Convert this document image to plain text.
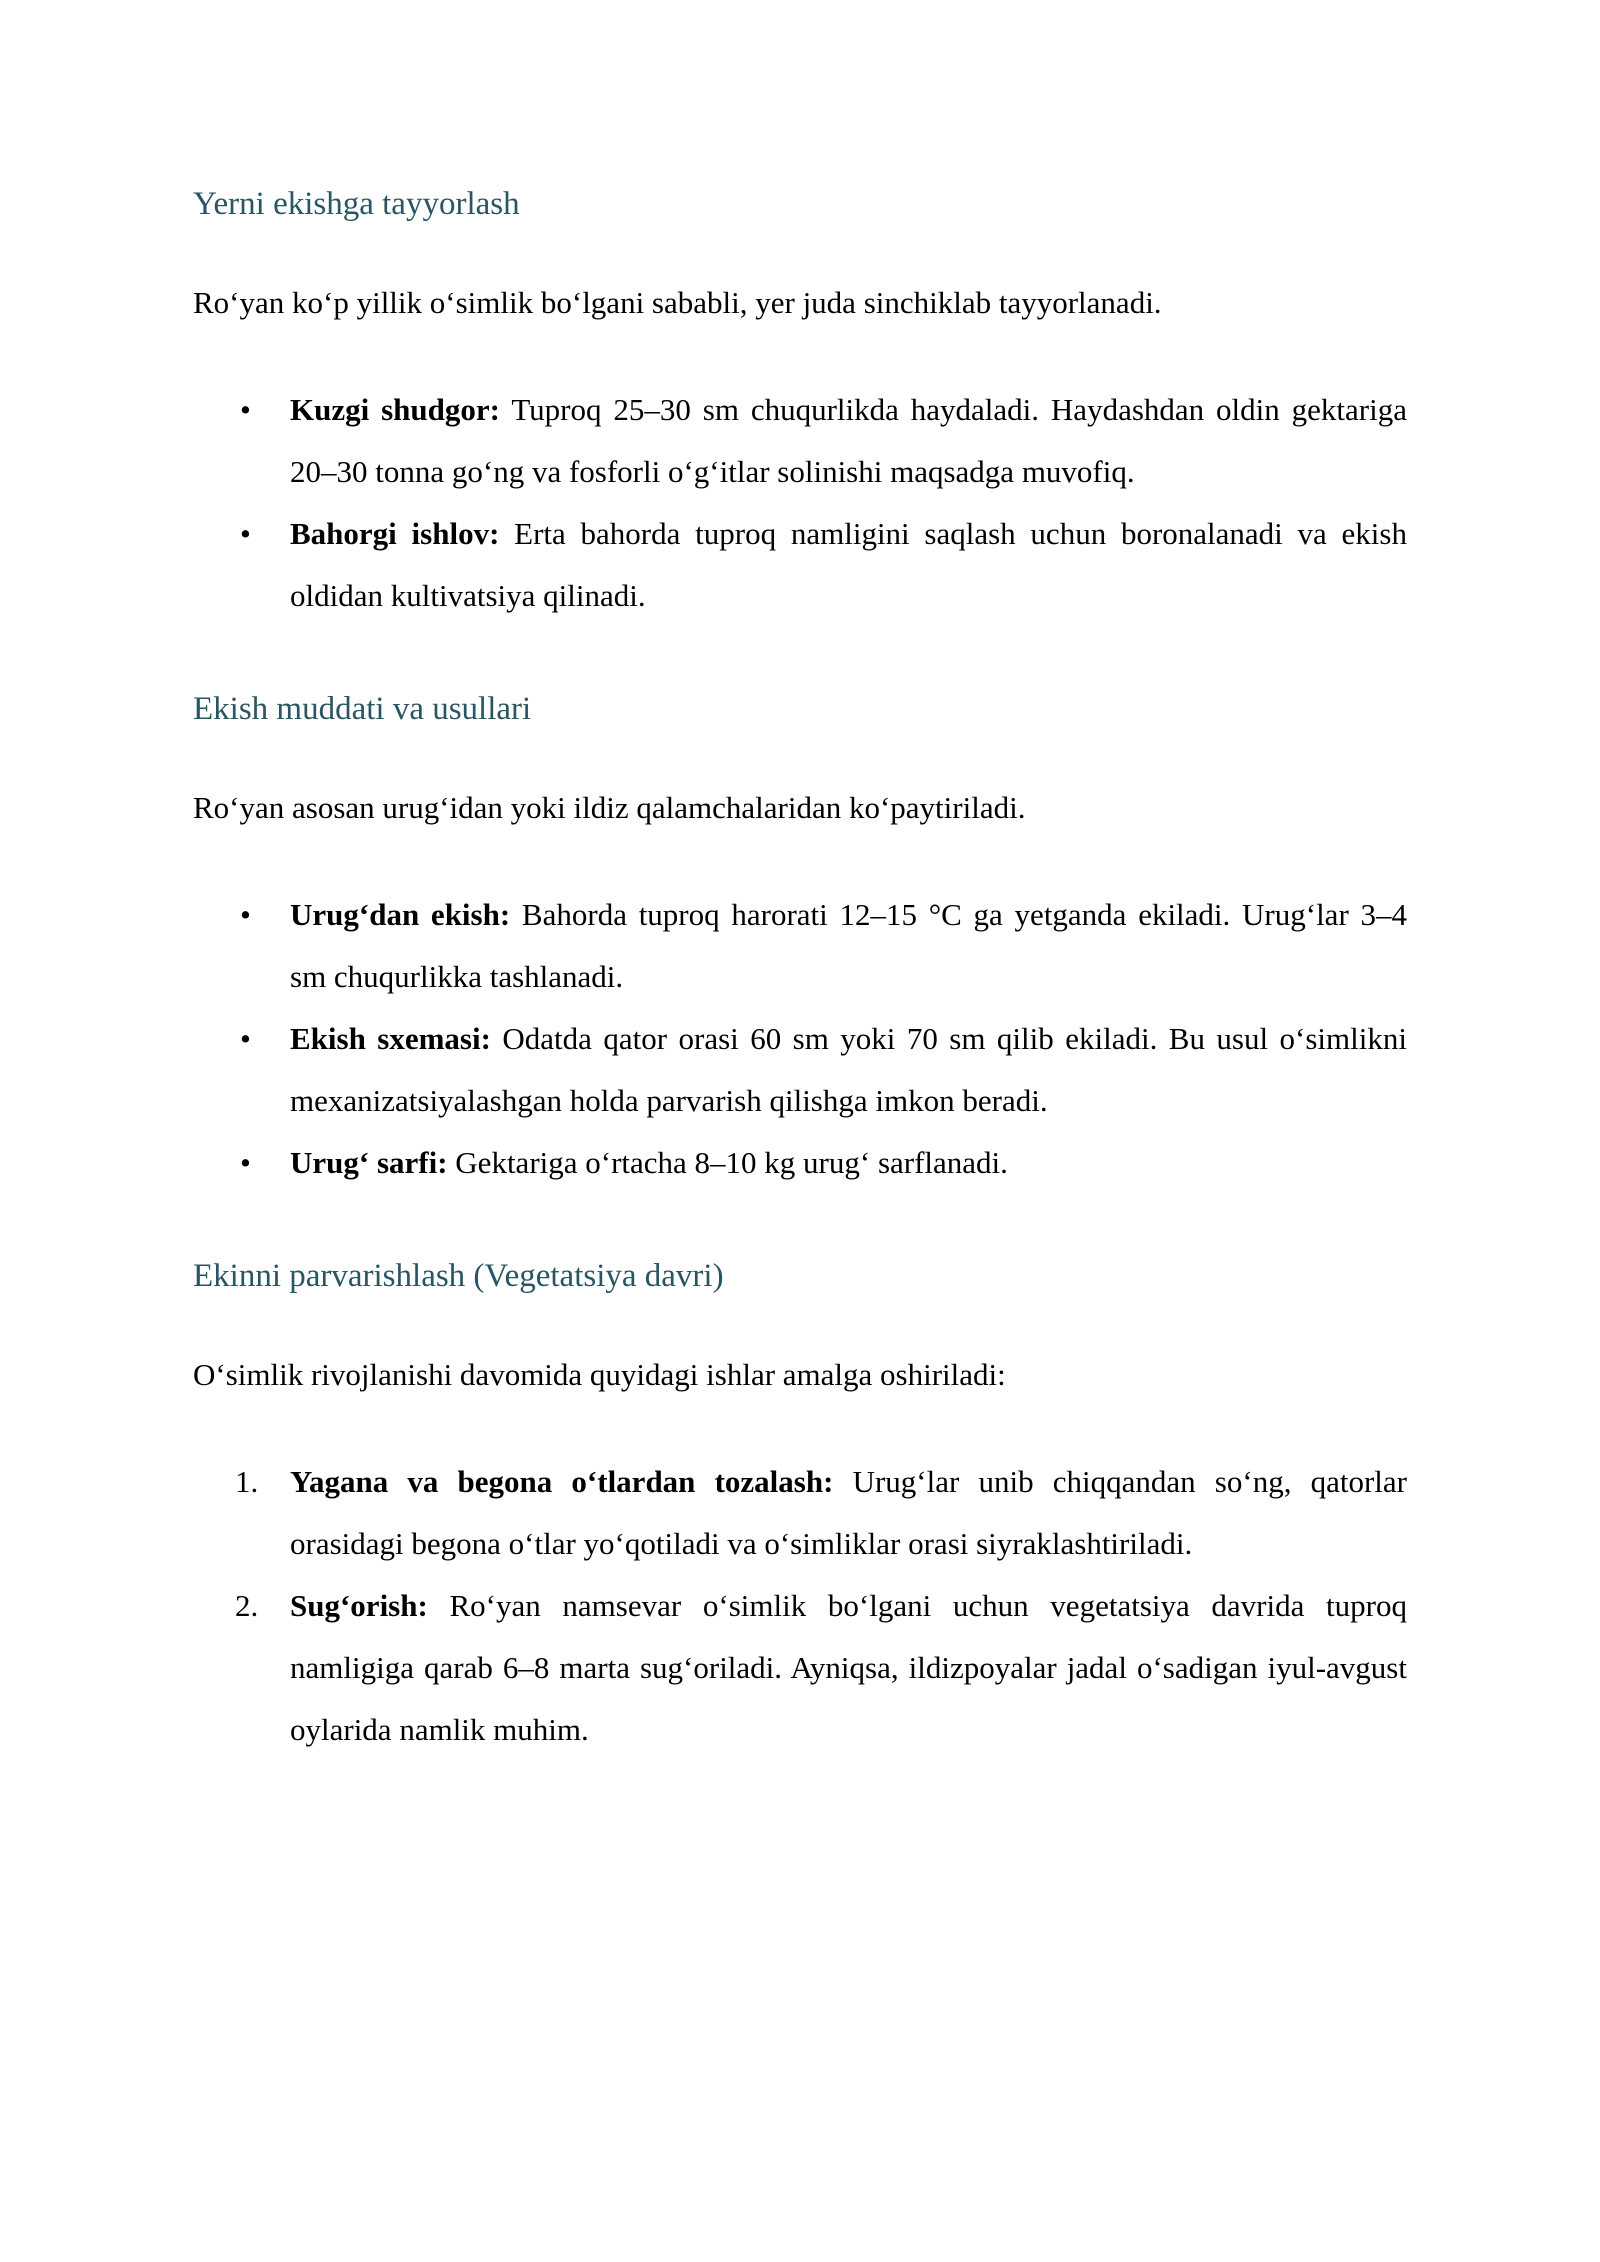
Yerni ekishga tayyorlash

Roʻyan koʻp yillik oʻsimlik boʻlgani sababli, yer juda sinchiklab tayyorlanadi.

• Kuzgi shudgor: Tuproq 25–30 sm chuqurlikda haydaladi. Haydashdan oldin gektariga 20–30 tonna goʻng va fosforli oʻgʻitlar solinishi maqsadga muvofiq.
• Bahorgi ishlov: Erta bahorda tuproq namligini saqlash uchun boronalanadi va ekish oldidan kultivatsiya qilinadi.
Ekish muddati va usullari

Roʻyan asosan urugʻidan yoki ildiz qalamchalaridan koʻpaytiriladi.

• Urugʻdan ekish: Bahorda tuproq harorati 12–15 °C ga yetganda ekiladi. Urugʻlar 3–4 sm chuqurlikka tashlanadi.
• Ekish sxemasi: Odatda qator orasi 60 sm yoki 70 sm qilib ekiladi. Bu usul oʻsimlikni mexanizatsiyalashgan holda parvarish qilishga imkon beradi.
• Urugʻ sarfi: Gektariga oʻrtacha 8–10 kg urugʻ sarflanadi.
Ekinni parvarishlash (Vegetatsiya davri)

Oʻsimlik rivojlanishi davomida quyidagi ishlar amalga oshiriladi:

1. Yagana va begona oʻtlardan tozalash: Urugʻlar unib chiqqandan soʻng, qatorlar orasidagi begona oʻtlar yoʻqotiladi va oʻsimliklar orasi siyraklashtiriladi.
2. Sugʻorish: Roʻyan namsevar oʻsimlik boʻlgani uchun vegetatsiya davrida tuproq namligiga qarab 6–8 marta sugʻoriladi. Ayniqsa, ildizpoyalar jadal oʻsadigan iyul-avgust oylarida namlik muhim.
